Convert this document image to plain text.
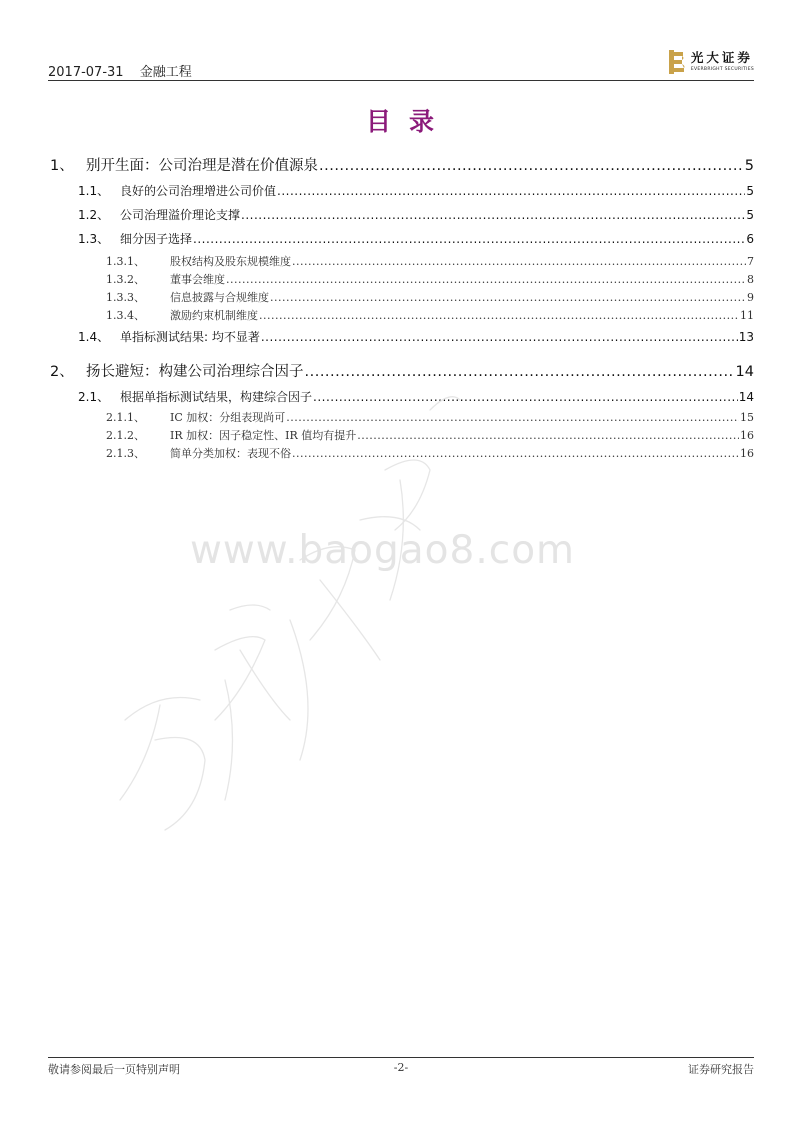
2017-07-31 金融工程
光大证券
EVERBRIGHT SECURITIES
目录
1、 别开生面：公司治理是潜在价值源泉 .....	5
1.1、 良好的公司治理增进公司价值 .....	5
1.2、 公司治理溢价理论支撑 .....	5
1.3、 细分因子选择 .....	6
1.3.1、	股权结构及股东规模维度 .....	7
1.3.2、	董事会维度 .....	8
1.3.3、	信息披露与合规维度 .....	9
1.3.4、	激励约束机制维度 .....	11
1.4、 单指标测试结果: 均不显著 .....	13
2、 扬长避短：构建公司治理综合因子 .....	14
2.1、 根据单指标测试结果，构建综合因子 .....	14
2.1.1、	IC 加权：分组表现尚可 .....	15
2.1.2、	IR 加权：因子稳定性、IR 值均有提升 .....	16
2.1.3、	简单分类加权：表现不俗 .....	16
www.baogao8.com
敬请参阅最后一页特别声明	-2-	证券研究报告
